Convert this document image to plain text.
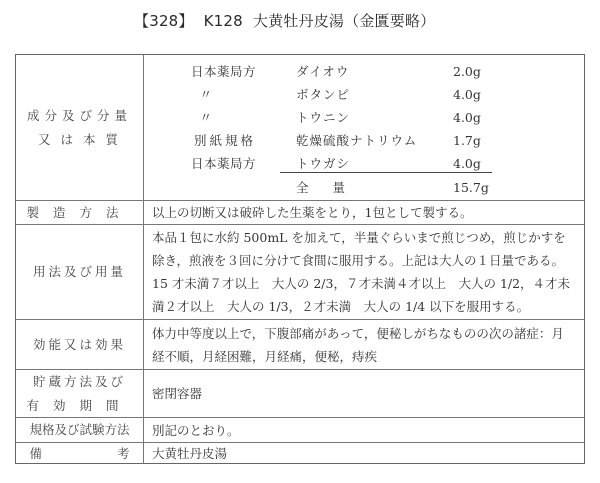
【328】 K128 大黄牡丹皮湯（金匱要略）
成分及び分量
又 は 本 質
日本薬局方	ダイオウ	2.0g
〃	ボタンピ	4.0g
〃	トウニン	4.0g
別紙規格	乾燥硫酸ナトリウム	1.7g
日本薬局方	トウガシ	4.0g
全量	15.7g
製造方法 以上の切断又は破砕した生薬をとり，1包として製する。
用法及び用量
本品１包に水約 500mL を加えて，半量ぐらいまで煎じつめ，煎じかすを
除き，煎液を３回に分けて食間に服用する。上記は大人の１日量である。
15 才未満７才以上　大人の 2/3，７才未満４才以上　大人の 1/2，４才未
満２才以上　大人の 1/3，２才未満　大人の 1/4 以下を服用する。
効能又は効果
体力中等度以上で，下腹部痛があって，便秘しがちなものの次の諸症：月
経不順，月経困難，月経痛，便秘，痔疾
貯蔵方法及び
有効期間
密閉容器
規格及び試験方法 別記のとおり。
備	考 大黄牡丹皮湯
